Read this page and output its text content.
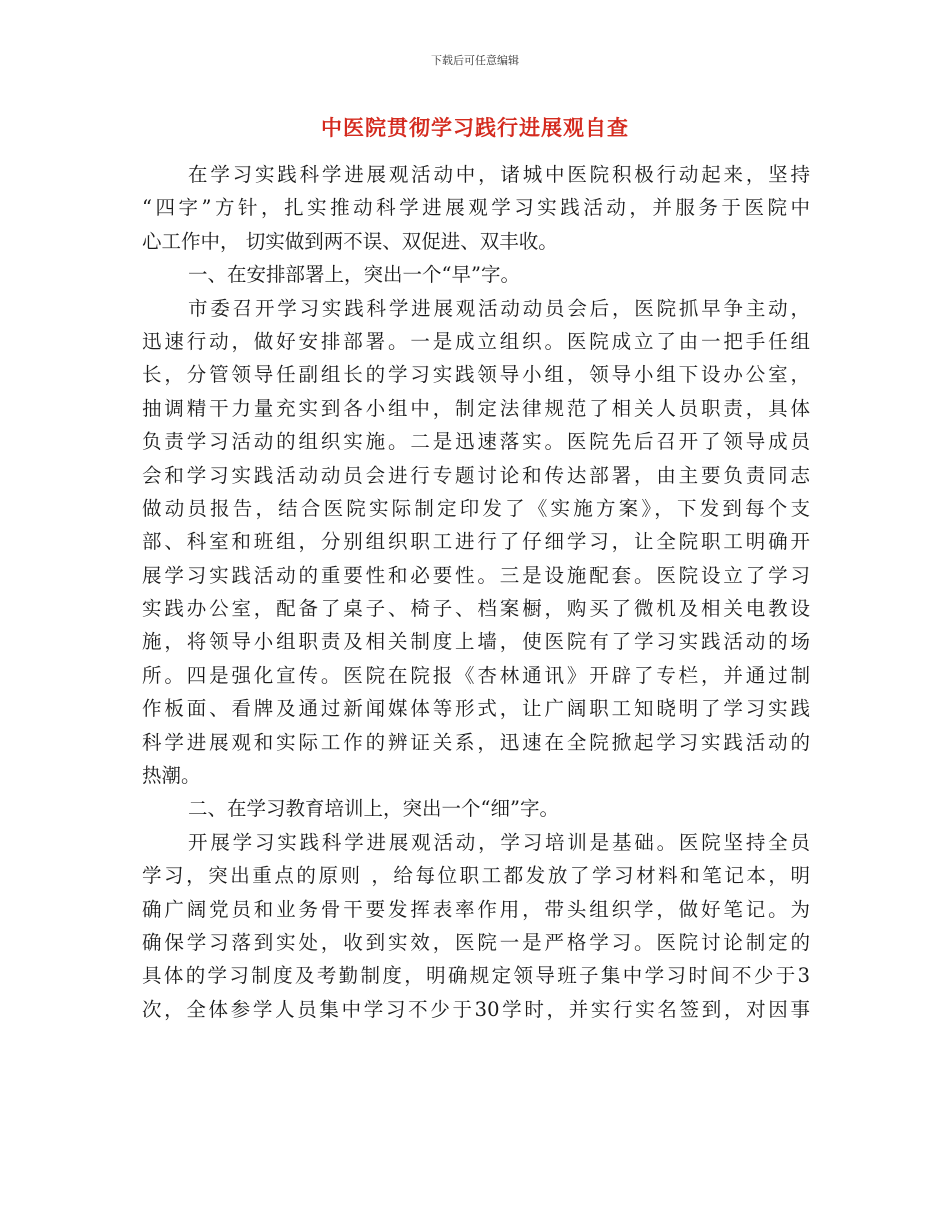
下载后可任意编辑
中医院贯彻学习践行进展观自查
在学习实践科学进展观活动中，诸城中医院积极行动起来，坚持
“四字”方针，扎实推动科学进展观学习实践活动，并服务于医院中
心工作中， 切实做到两不误、双促进、双丰收。
一、在安排部署上，突出一个“早”字。
市委召开学习实践科学进展观活动动员会后，医院抓早争主动，
迅速行动，做好安排部署。一是成立组织。医院成立了由一把手任组
长，分管领导任副组长的学习实践领导小组，领导小组下设办公室，
抽调精干力量充实到各小组中，制定法律规范了相关人员职责，具体
负责学习活动的组织实施。二是迅速落实。医院先后召开了领导成员
会和学习实践活动动员会进行专题讨论和传达部署，由主要负责同志
做动员报告，结合医院实际制定印发了《实施方案》，下发到每个支
部、科室和班组，分别组织职工进行了仔细学习，让全院职工明确开
展学习实践活动的重要性和必要性。三是设施配套。医院设立了学习
实践办公室，配备了桌子、椅子、档案橱，购买了微机及相关电教设
施，将领导小组职责及相关制度上墙，使医院有了学习实践活动的场
所。四是强化宣传。医院在院报《杏林通讯》开辟了专栏，并通过制
作板面、看牌及通过新闻媒体等形式，让广阔职工知晓明了学习实践
科学进展观和实际工作的辨证关系，迅速在全院掀起学习实践活动的
热潮。
二、在学习教育培训上，突出一个“细”字。
开展学习实践科学进展观活动，学习培训是基础。医院坚持全员
学习，突出重点的原则 ，给每位职工都发放了学习材料和笔记本，明
确广阔党员和业务骨干要发挥表率作用，带头组织学，做好笔记。为
确保学习落到实处，收到实效，医院一是严格学习。医院讨论制定的
具体的学习制度及考勤制度，明确规定领导班子集中学习时间不少于3
次，全体参学人员集中学习不少于30学时，并实行实名签到，对因事
